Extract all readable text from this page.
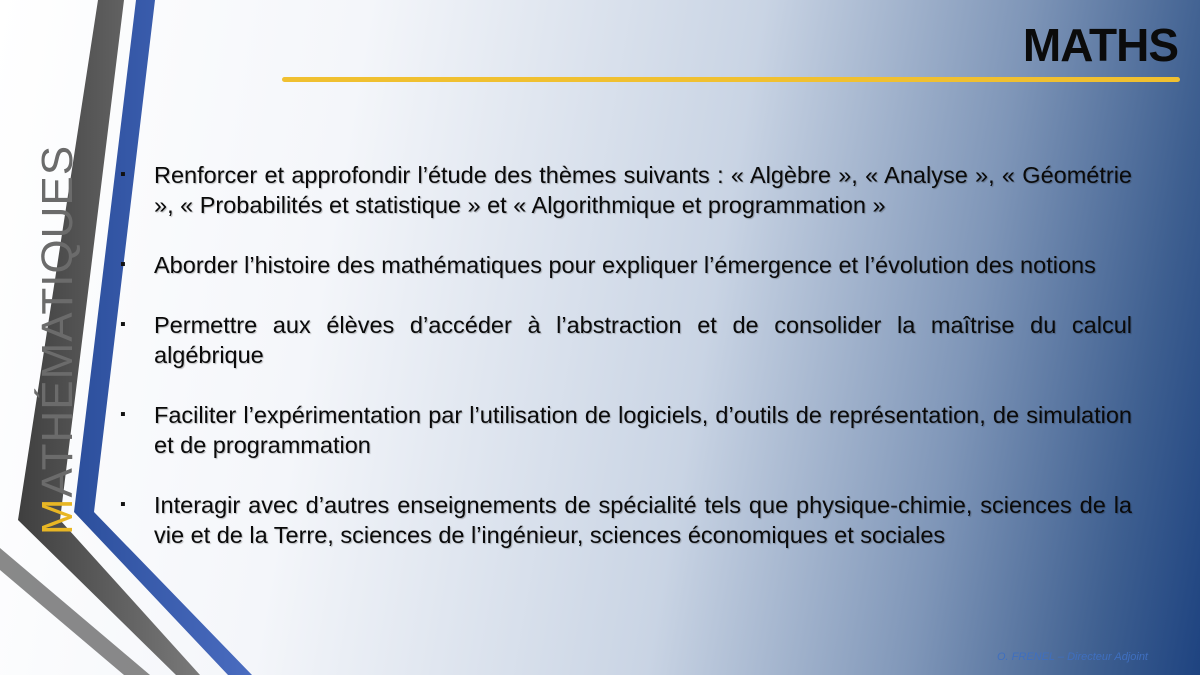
MATHÉMATIQUES
MATHS
▪	Renforcer et approfondir l’étude des thèmes suivants : « Algèbre », « Analyse », « Géométrie », « Probabilités et statistique » et « Algorithmique et programmation »
▪	Aborder l’histoire des mathématiques pour expliquer l’émergence et l’évolution des notions
▪	Permettre aux élèves d’accéder à l’abstraction et de consolider la maîtrise du calcul algébrique
▪	Faciliter l’expérimentation par l’utilisation de logiciels, d’outils de représentation, de simulation et de programmation
▪	Interagir avec d’autres enseignements de spécialité tels que physique-chimie, sciences de la vie et de la Terre, sciences de l’ingénieur, sciences économiques et sociales
O. FRENEL – Directeur Adjoint
